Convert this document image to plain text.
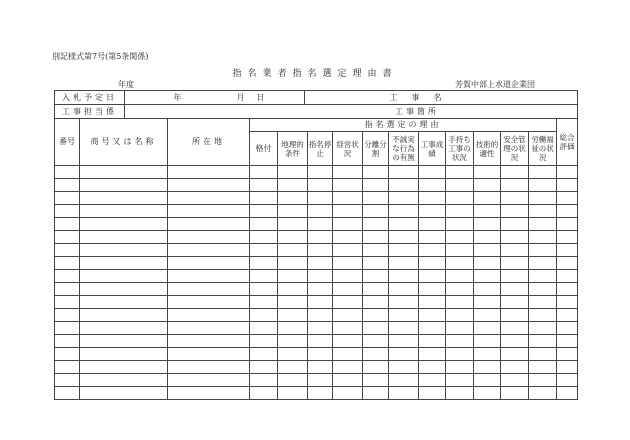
別記様式第7号(第5条関係)
指名業者指名選定理由書
年度	芳賀中部上水道企業団
入札予定日	年	月	日		工　事　名	
工事担当係					工事箇所	
番号	商号又は名称	所在地	指名選定の理由											総合評価
			格付	地理的条件	指名停止	経営状況	分離分割	不誠実な行為の有無	工事成績	手持ち工事の状況	技術的適性	安全管理の状況	労働福祉の状況	
